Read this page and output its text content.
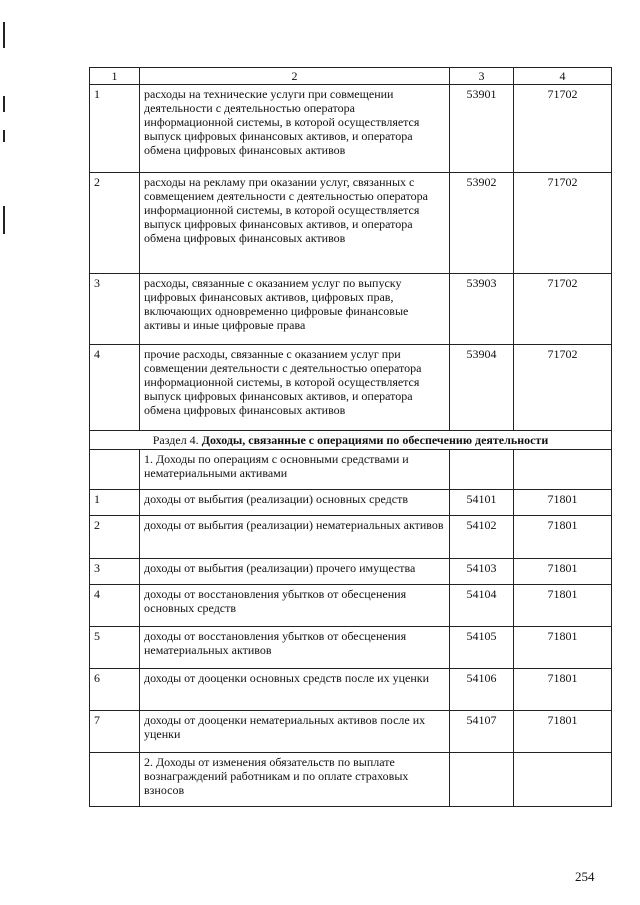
1	2	3	4
1	расходы на технические услуги при совмещении деятельности с деятельностью оператора информационной системы, в которой осуществляется выпуск цифровых финансовых активов, и оператора обмена цифровых финансовых активов	53901	71702
2	расходы на рекламу при оказании услуг, связанных с совмещением деятельности с деятельностью оператора информационной системы, в которой осуществляется выпуск цифровых финансовых активов, и оператора обмена цифровых финансовых активов	53902	71702
3	расходы, связанные с оказанием услуг по выпуску цифровых финансовых активов, цифровых прав, включающих одновременно цифровые финансовые активы и иные цифровые права	53903	71702
4	прочие расходы, связанные с оказанием услуг при совмещении деятельности с деятельностью оператора информационной системы, в которой осуществляется выпуск цифровых финансовых активов, и оператора обмена цифровых финансовых активов	53904	71702
Раздел 4. Доходы, связанные с операциями по обеспечению деятельности			
	1. Доходы по операциям с основными средствами и нематериальными активами		
1	доходы от выбытия (реализации) основных средств	54101	71801
2	доходы от выбытия (реализации) нематериальных активов	54102	71801
3	доходы от выбытия (реализации) прочего имущества	54103	71801
4	доходы от восстановления убытков от обесценения основных средств	54104	71801
5	доходы от восстановления убытков от обесценения нематериальных активов	54105	71801
6	доходы от дооценки основных средств после их уценки	54106	71801
7	доходы от дооценки нематериальных активов после их уценки	54107	71801
	2. Доходы от изменения обязательств по выплате вознаграждений работникам и по оплате страховых взносов		
254
